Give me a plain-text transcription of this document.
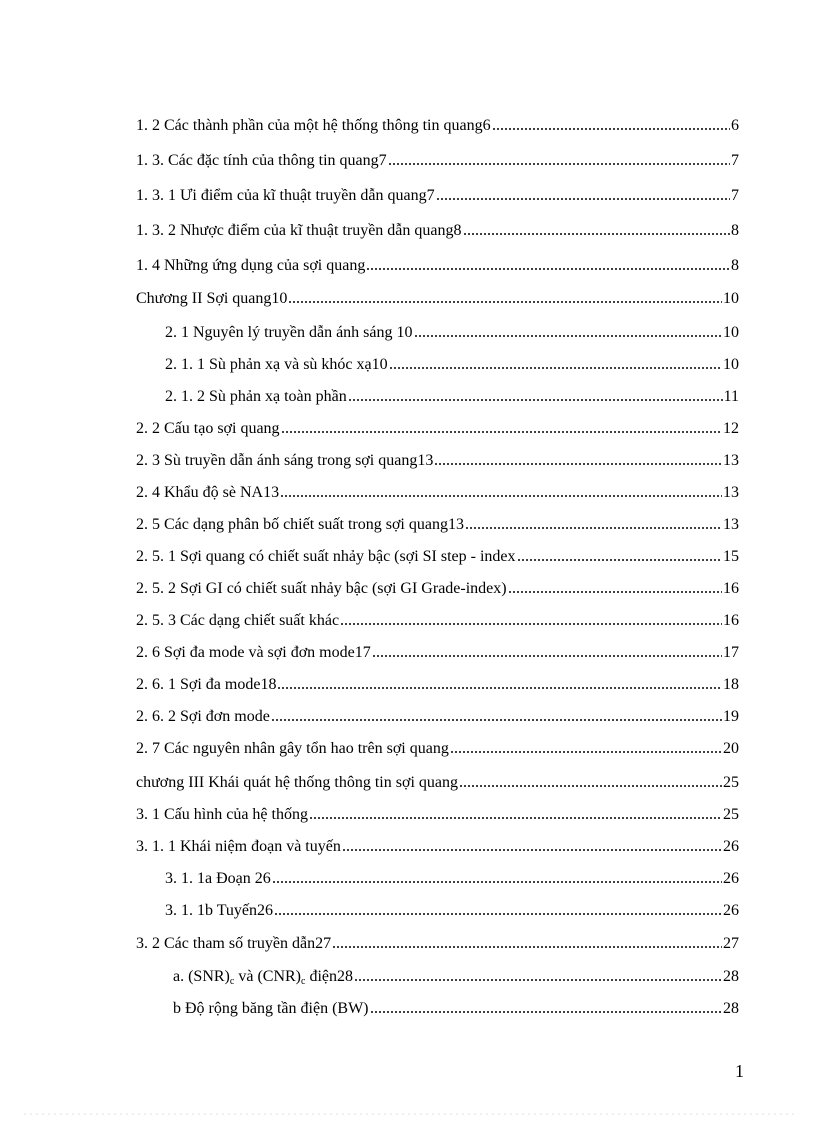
1. 2 Các thành phần của một hệ thống thông tin quang6	6
1. 3. Các đặc tính của thông tin quang7	7
1. 3. 1 Ưi điểm của kĩ thuật truyền dẫn quang7	7
1. 3. 2 Nhược điểm của kĩ thuật truyền dẫn quang8	8
1. 4 Những ứng dụng của sợi quang	8
Chương II Sợi quang10	10
2. 1 Nguyên lý truyền dẫn ánh sáng 10	10
2. 1. 1 Sù phản xạ và sù khóc xạ10	10
2. 1. 2 Sù phản xạ toàn phần	11
2. 2 Cấu tạo sợi quang	12
2. 3 Sù truyền dẫn ánh sáng trong sợi quang13	13
2. 4 Khẩu độ sè NA13	13
2. 5 Các dạng phân bố chiết suất trong sợi quang13	13
2. 5. 1 Sợi quang có chiết suất nhảy bậc (sợi SI step - index	15
2. 5. 2 Sợi GI có chiết suất nhảy bậc (sợi GI Grade-index)	16
2. 5. 3 Các dạng chiết suất khác	16
2. 6 Sợi đa mode và sợi đơn mode17	17
2. 6. 1 Sợi đa mode18	18
2. 6. 2 Sợi đơn mode	19
2. 7 Các nguyên nhân gây tổn hao trên sợi quang	20
chương III Khái quát hệ thống thông tin sợi quang	25
3. 1 Cấu hình của hệ thống	25
3. 1. 1 Khái niệm đoạn và tuyến	26
3. 1. 1a Đoạn 26	26
3. 1. 1b Tuyến26	26
3. 2 Các tham số truyền dẫn27	27
a. $(SNR)_c$ và $(CNR)_c$ điện28	28
b Độ rộng băng tần điện (BW)	28
1
